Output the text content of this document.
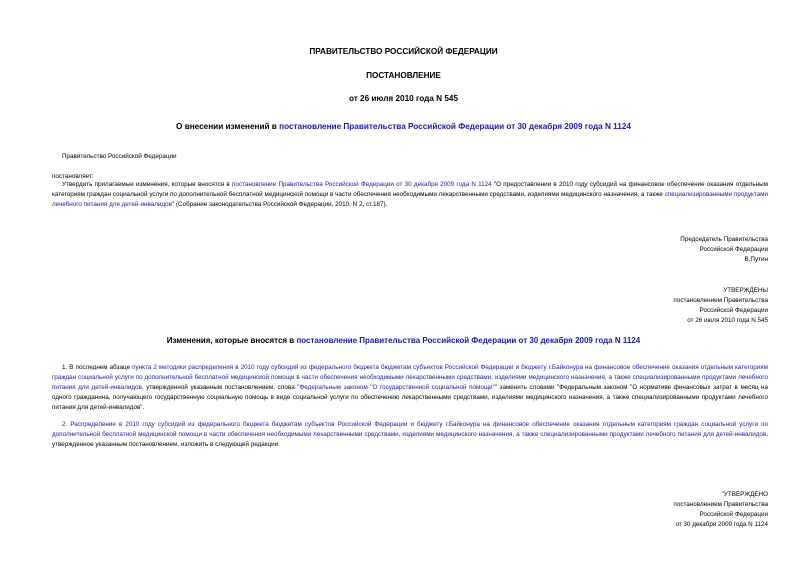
ПРАВИТЕЛЬСТВО РОССИЙСКОЙ ФЕДЕРАЦИИ
ПОСТАНОВЛЕНИЕ
от 26 июля 2010 года N 545
О внесении изменений в постановление Правительства Российской Федерации от 30 декабря 2009 года N 1124
Правительство Российской Федерации
постановляет:
Утвердить прилагаемые изменения, которые вносятся в постановление Правительства Российской Федерации от 30 декабря 2009 года N 1124 "О предоставлении в 2010 году субсидий на финансовое обеспечение оказания отдельным категориям граждан социальной услуги по дополнительной бесплатной медицинской помощи в части обеспечения необходимыми лекарственными средствами, изделиями медицинского назначения, а также специализированными продуктами лечебного питания для детей-инвалидов" (Собрание законодательства Российской Федерации, 2010, N 2, ст.187).
Председатель Правительства
Российской Федерации
В.Путин
УТВЕРЖДЕНЫ
постановлением Правительства
Российской Федерации
от 26 июля 2010 года N 545
Изменения, которые вносятся в постановление Правительства Российской Федерации от 30 декабря 2009 года N 1124
1. В последнем абзаце пункта 2 методики распределения в 2010 году субсидий из федерального бюджета бюджетам субъектов Российской Федерации и бюджету г.Байконура на финансовое обеспечение оказания отдельным категориям граждан социальной услуги по дополнительной бесплатной медицинской помощи в части обеспечения необходимыми лекарственными средствами, изделиями медицинского назначения, а также специализированными продуктами лечебного питания для детей-инвалидов, утвержденной указанным постановлением, слова "Федеральным законом "О государственной социальной помощи"" заменить словами "Федеральным законом "О нормативе финансовых затрат в месяц на одного гражданина, получающего государственную социальную помощь в виде социальной услуги по обеспечению лекарственными средствами, изделиями медицинского назначения, а также специализированными продуктами лечебного питания для детей-инвалидов".
2. Распределение в 2010 году субсидий из федерального бюджета бюджетам субъектов Российской Федерации и бюджету г.Байконура на финансовое обеспечение оказания отдельным категориям граждан социальной услуги по дополнительной бесплатной медицинской помощи в части обеспечения необходимыми лекарственными средствами, изделиями медицинского назначения, а также специализированными продуктами лечебного питания для детей-инвалидов, утвержденное указанным постановлением, изложить в следующей редакции:
"УТВЕРЖДЕНО
постановлением Правительства
Российской Федерации
от 30 декабря 2009 года N 1124
